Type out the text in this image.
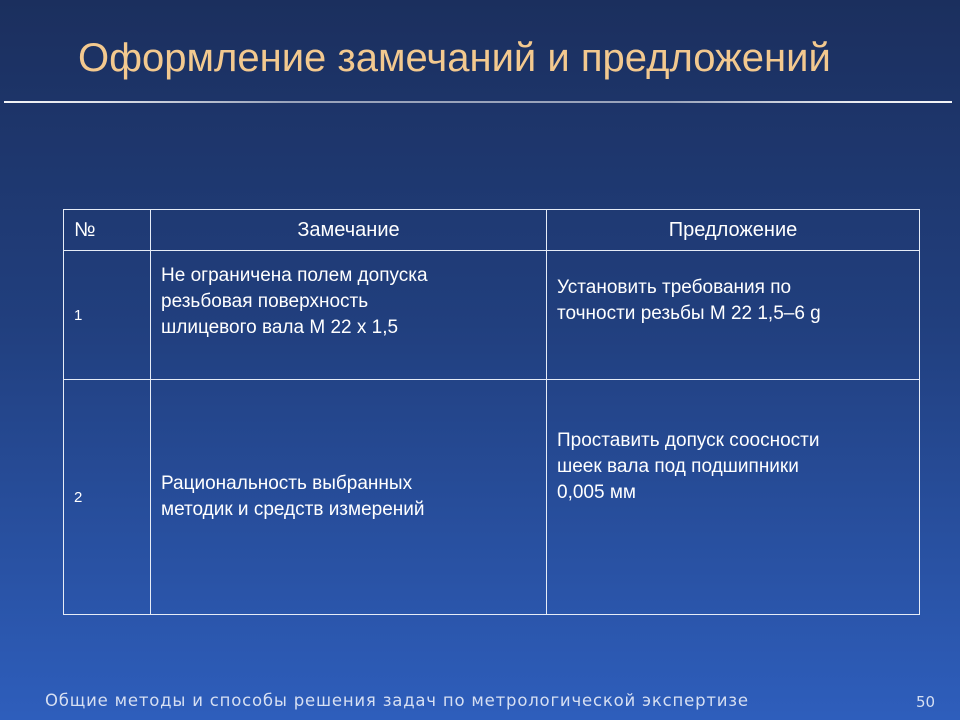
Оформление замечаний и предложений
№	Замечание	Предложение
1	Не ограничена полем допуска
резьбовая поверхность
шлицевого вала М 22 х 1,5	Установить требования по
точности резьбы М 22 1,5–6 g

2	Рациональность выбранных
методик и средств измерений	Проставить допуск соосности
шеек вала под подшипники
0,005 мм
Общие методы и способы решения задач по метрологической экспертизе	50
